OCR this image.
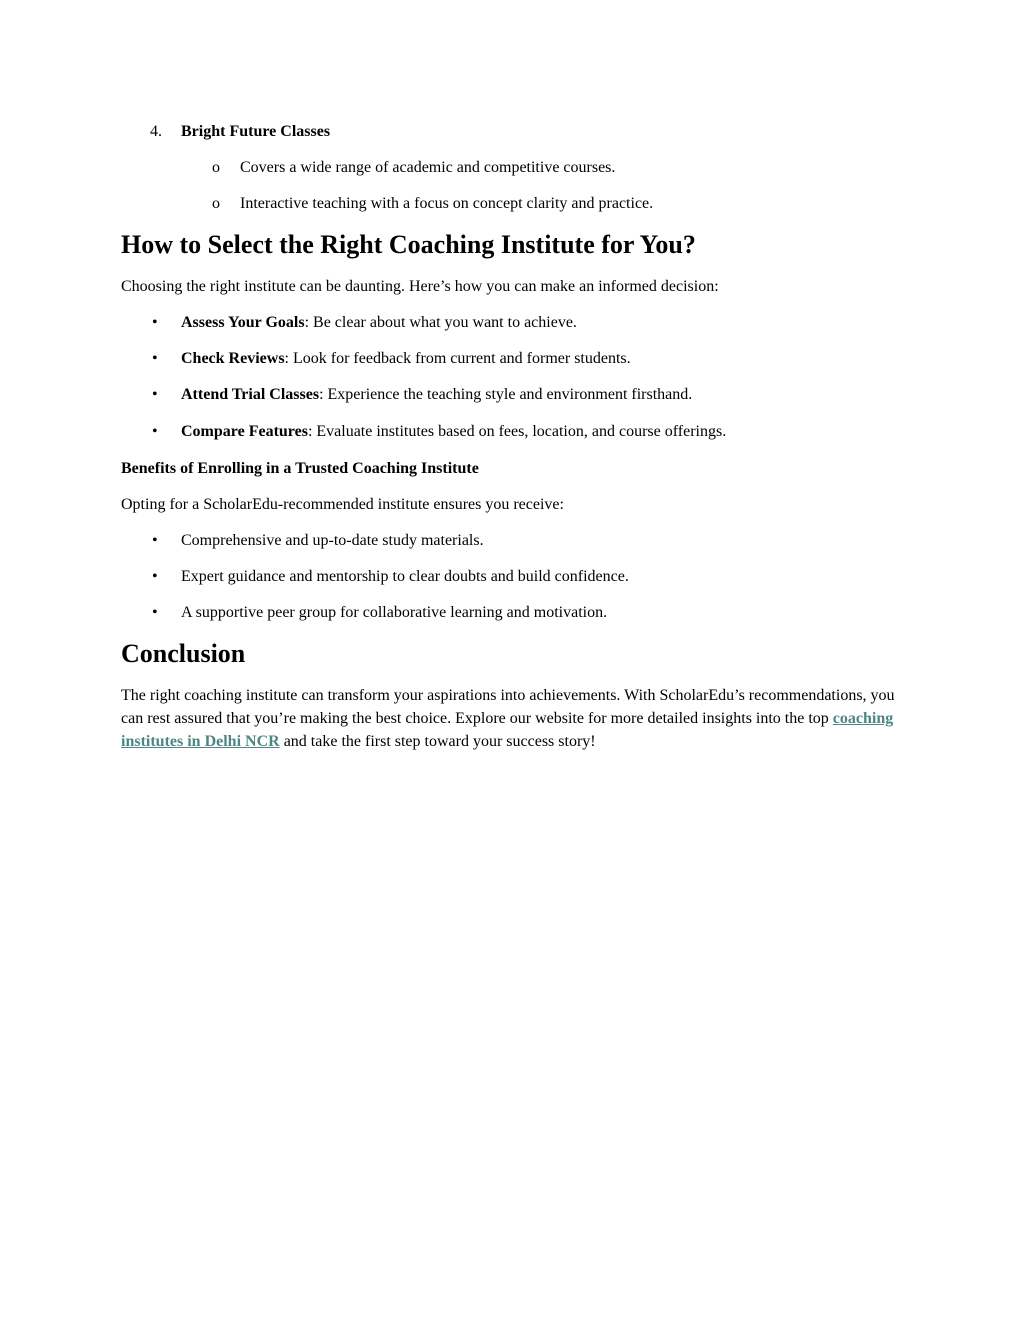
4. Bright Future Classes
o Covers a wide range of academic and competitive courses.
o Interactive teaching with a focus on concept clarity and practice.
How to Select the Right Coaching Institute for You?

Choosing the right institute can be daunting. Here’s how you can make an informed decision:

• Assess Your Goals: Be clear about what you want to achieve.
• Check Reviews: Look for feedback from current and former students.
• Attend Trial Classes: Experience the teaching style and environment firsthand.
• Compare Features: Evaluate institutes based on fees, location, and course offerings.
Benefits of Enrolling in a Trusted Coaching Institute

Opting for a ScholarEdu-recommended institute ensures you receive:

• Comprehensive and up-to-date study materials.
• Expert guidance and mentorship to clear doubts and build confidence.
• A supportive peer group for collaborative learning and motivation.
Conclusion

The right coaching institute can transform your aspirations into achievements. With ScholarEdu’s recommendations, you can rest assured that you’re making the best choice. Explore our website for more detailed insights into the top coaching institutes in Delhi NCR and take the first step toward your success story!
